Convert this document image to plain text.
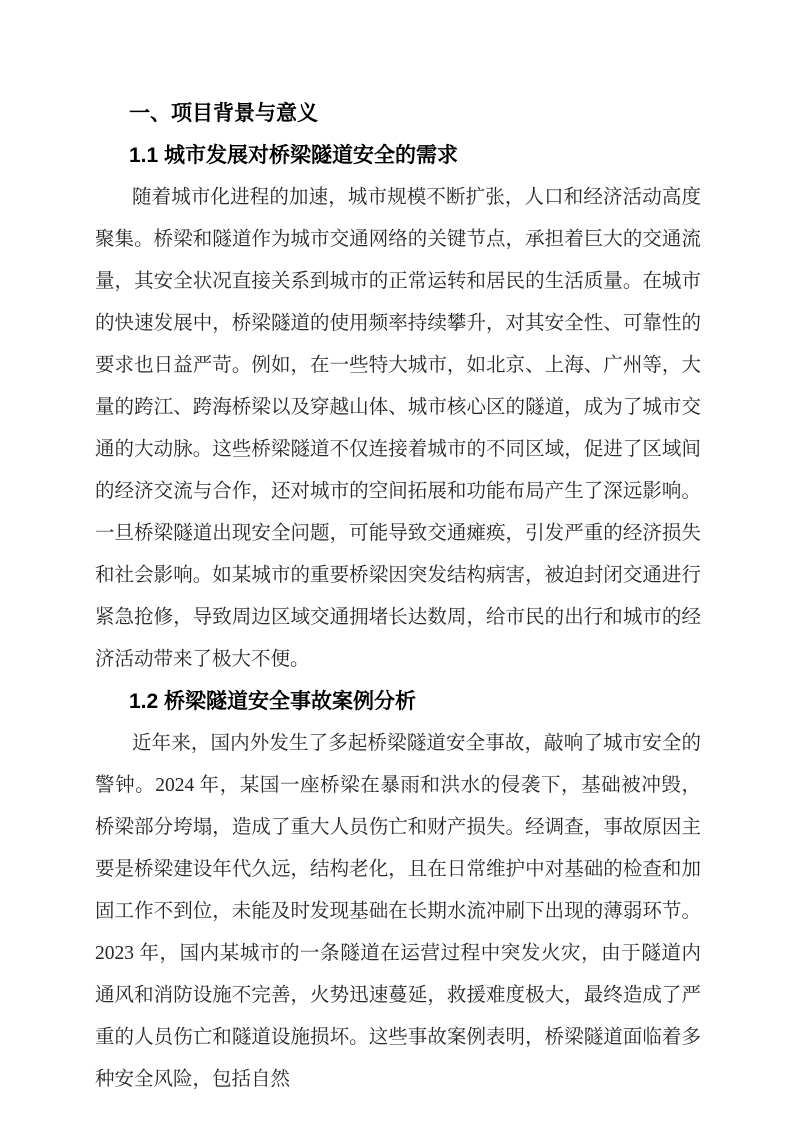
一、项目背景与意义
1.1 城市发展对桥梁隧道安全的需求

随着城市化进程的加速，城市规模不断扩张，人口和经济活动高度聚集。桥梁和隧道作为城市交通网络的关键节点，承担着巨大的交通流量，其安全状况直接关系到城市的正常运转和居民的生活质量。在城市的快速发展中，桥梁隧道的使用频率持续攀升，对其安全性、可靠性的要求也日益严苛。例如，在一些特大城市，如北京、上海、广州等，大量的跨江、跨海桥梁以及穿越山体、城市核心区的隧道，成为了城市交通的大动脉。这些桥梁隧道不仅连接着城市的不同区域，促进了区域间的经济交流与合作，还对城市的空间拓展和功能布局产生了深远影响。一旦桥梁隧道出现安全问题，可能导致交通瘫痪，引发严重的经济损失和社会影响。如某城市的重要桥梁因突发结构病害，被迫封闭交通进行紧急抢修，导致周边区域交通拥堵长达数周，给市民的出行和城市的经济活动带来了极大不便。

1.2 桥梁隧道安全事故案例分析

近年来，国内外发生了多起桥梁隧道安全事故，敲响了城市安全的警钟。2024 年，某国一座桥梁在暴雨和洪水的侵袭下，基础被冲毁，桥梁部分垮塌，造成了重大人员伤亡和财产损失。经调查，事故原因主要是桥梁建设年代久远，结构老化，且在日常维护中对基础的检查和加固工作不到位，未能及时发现基础在长期水流冲刷下出现的薄弱环节。2023 年，国内某城市的一条隧道在运营过程中突发火灾，由于隧道内通风和消防设施不完善，火势迅速蔓延，救援难度极大，最终造成了严重的人员伤亡和隧道设施损坏。这些事故案例表明，桥梁隧道面临着多种安全风险，包括自然
